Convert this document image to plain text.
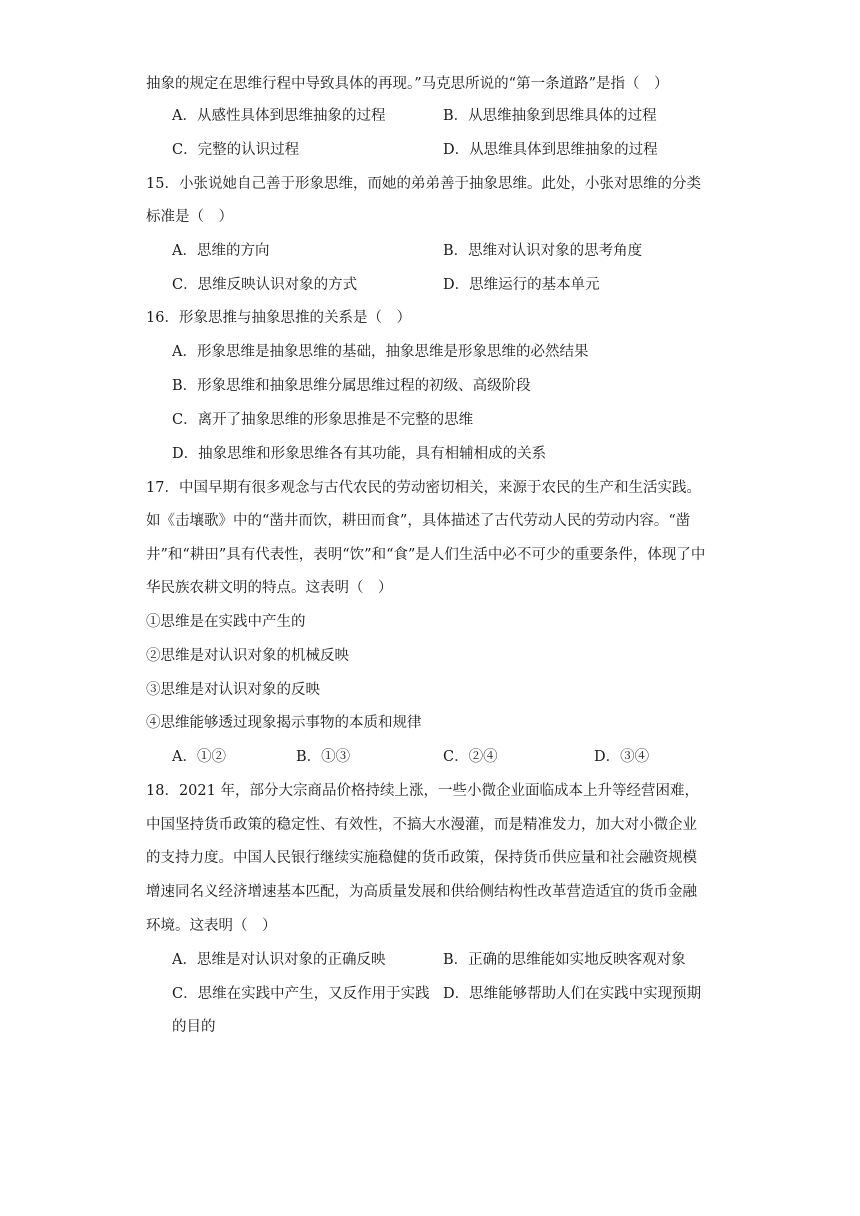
抽象的规定在思维行程中导致具体的再现。”马克思所说的“第一条道路”是指（　）
A．从感性具体到思维抽象的过程	B．从思维抽象到思维具体的过程
C．完整的认识过程	D．从思维具体到思维抽象的过程
15．小张说她自己善于形象思维，而她的弟弟善于抽象思维。此处，小张对思维的分类
标准是（　）
A．思维的方向	B．思维对认识对象的思考角度
C．思维反映认识对象的方式	D．思维运行的基本单元
16．形象思推与抽象思推的关系是（　）
A．形象思维是抽象思维的基础，抽象思维是形象思维的必然结果
B．形象思维和抽象思维分属思维过程的初级、高级阶段
C．离开了抽象思维的形象思推是不完整的思维
D．抽象思维和形象思维各有其功能，具有相辅相成的关系
17．中国早期有很多观念与古代农民的劳动密切相关，来源于农民的生产和生活实践。
如《击壤歌》中的“凿井而饮，耕田而食”，具体描述了古代劳动人民的劳动内容。“凿
井”和“耕田”具有代表性，表明“饮”和“食”是人们生活中必不可少的重要条件，体现了中
华民族农耕文明的特点。这表明（　）
①思维是在实践中产生的
②思维是对认识对象的机械反映
③思维是对认识对象的反映
④思维能够透过现象揭示事物的本质和规律
A．①②	B．①③	C．②④	D．③④
18．2021 年，部分大宗商品价格持续上涨，一些小微企业面临成本上升等经营困难，
中国坚持货币政策的稳定性、有效性，不搞大水漫灌，而是精准发力，加大对小微企业
的支持力度。中国人民银行继续实施稳健的货币政策，保持货币供应量和社会融资规模
增速同名义经济增速基本匹配，为高质量发展和供给侧结构性改革营造适宜的货币金融
环境。这表明（　）
A．思维是对认识对象的正确反映	B．正确的思维能如实地反映客观对象
C．思维在实践中产生，又反作用于实践 D．思维能够帮助人们在实践中实现预期
的目的
